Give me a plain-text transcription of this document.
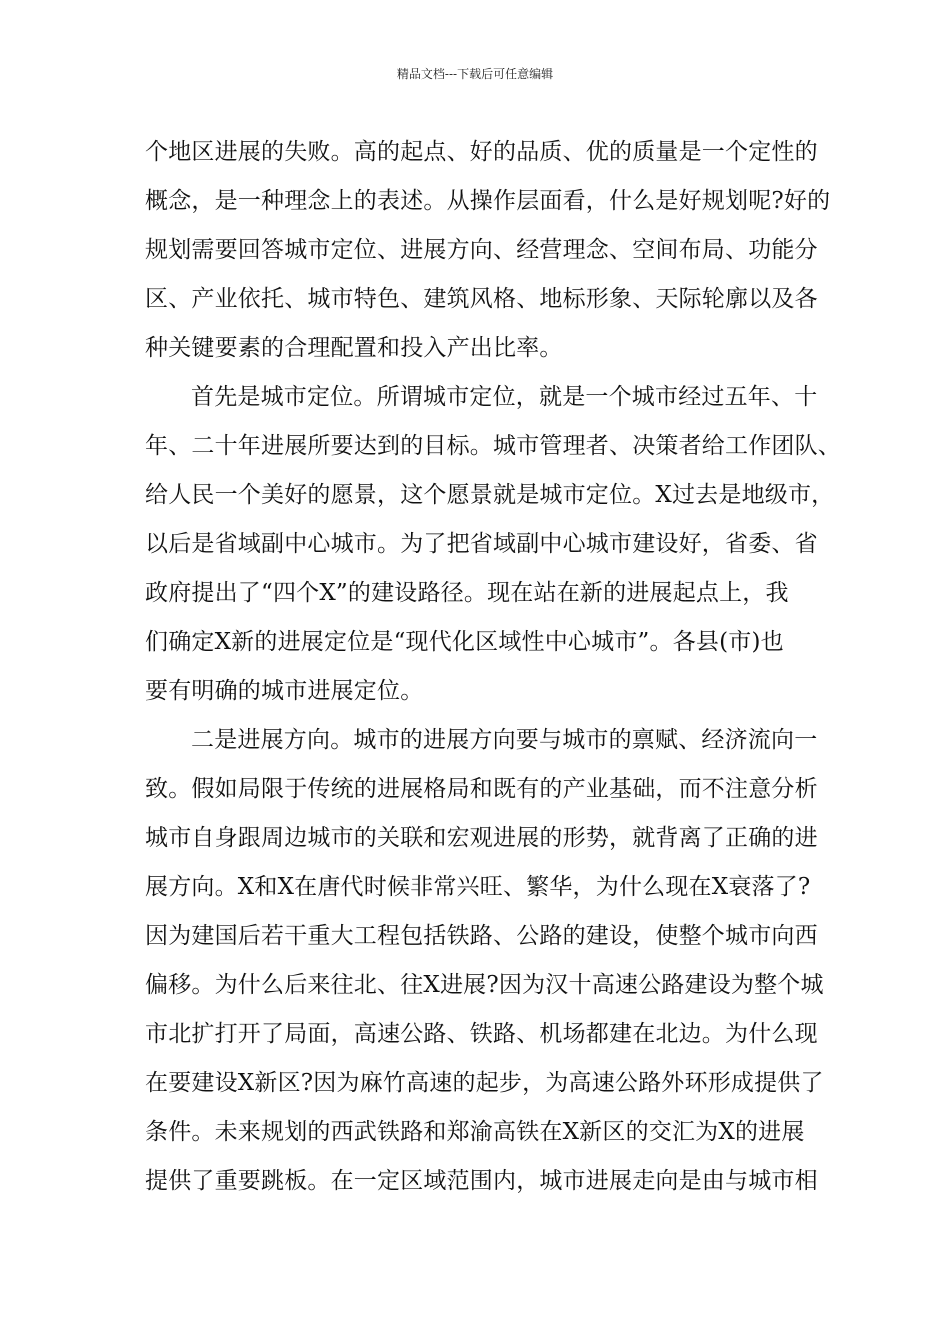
精品文档---下载后可任意编辑
个地区进展的失败。高的起点、好的品质、优的质量是一个定性的
概念，是一种理念上的表述。从操作层面看，什么是好规划呢?好的
规划需要回答城市定位、进展方向、经营理念、空间布局、功能分
区、产业依托、城市特色、建筑风格、地标形象、天际轮廓以及各
种关键要素的合理配置和投入产出比率。
首先是城市定位。所谓城市定位，就是一个城市经过五年、十
年、二十年进展所要达到的目标。城市管理者、决策者给工作团队、
给人民一个美好的愿景，这个愿景就是城市定位。X过去是地级市，
以后是省域副中心城市。为了把省域副中心城市建设好，省委、省
政府提出了“四个X”的建设路径。现在站在新的进展起点上，我
们确定X新的进展定位是“现代化区域性中心城市”。各县(市)也
要有明确的城市进展定位。
二是进展方向。城市的进展方向要与城市的禀赋、经济流向一
致。假如局限于传统的进展格局和既有的产业基础，而不注意分析
城市自身跟周边城市的关联和宏观进展的形势，就背离了正确的进
展方向。X和X在唐代时候非常兴旺、繁华，为什么现在X衰落了?
因为建国后若干重大工程包括铁路、公路的建设，使整个城市向西
偏移。为什么后来往北、往X进展?因为汉十高速公路建设为整个城
市北扩打开了局面，高速公路、铁路、机场都建在北边。为什么现
在要建设X新区?因为麻竹高速的起步，为高速公路外环形成提供了
条件。未来规划的西武铁路和郑渝高铁在X新区的交汇为X的进展
提供了重要跳板。在一定区域范围内，城市进展走向是由与城市相
